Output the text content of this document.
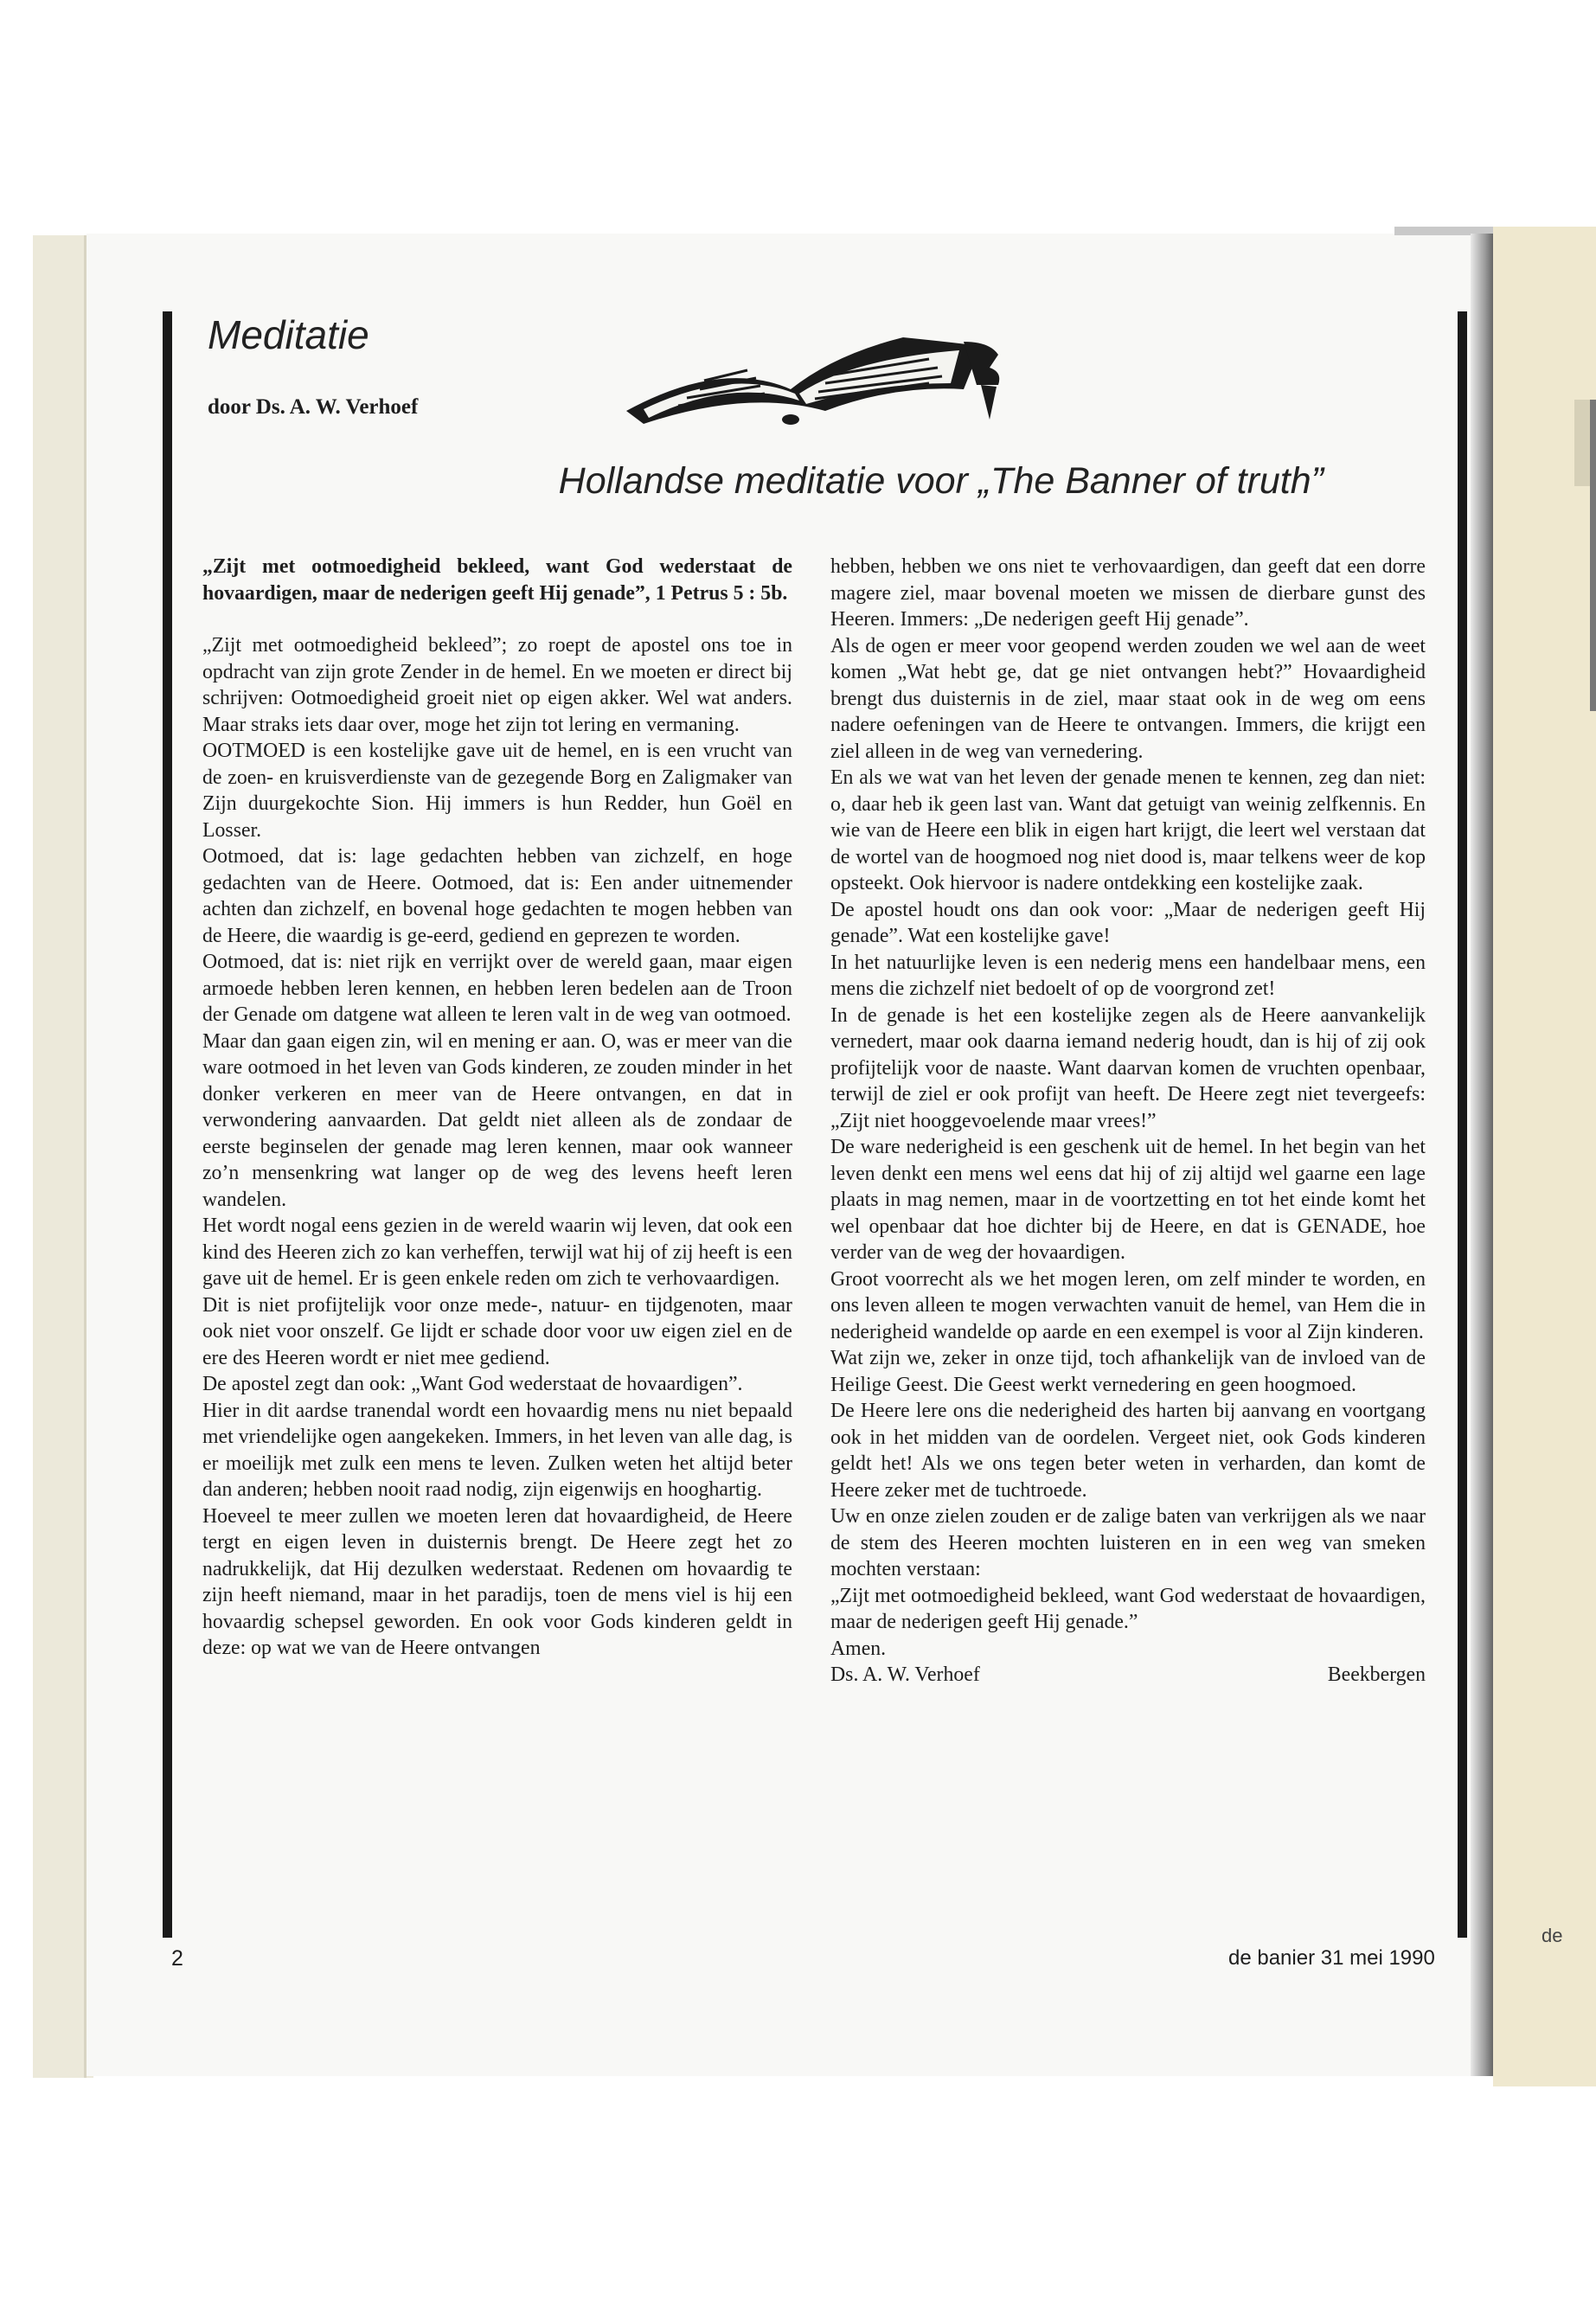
Meditatie
door Ds. A. W. Verhoef
Hollandse meditatie voor „The Banner of truth”

„Zijt met ootmoedigheid bekleed, want God wederstaat de hovaardigen, maar de nederigen geeft Hij genade”, 1 Petrus 5 : 5b.

„Zijt met ootmoedigheid bekleed”; zo roept de apostel ons toe in opdracht van zijn grote Zender in de hemel. En we moeten er direct bij schrijven: Ootmoedigheid groeit niet op eigen akker. Wel wat anders. Maar straks iets daar over, moge het zijn tot lering en vermaning.

OOTMOED is een kostelijke gave uit de hemel, en is een vrucht van de zoen- en kruisverdienste van de gezegende Borg en Zaligmaker van Zijn duurgekochte Sion. Hij immers is hun Redder, hun Goël en Losser.

Ootmoed, dat is: lage gedachten hebben van zichzelf, en hoge gedachten van de Heere. Ootmoed, dat is: Een ander uitnemender achten dan zichzelf, en bovenal hoge gedachten te mogen hebben van de Heere, die waardig is ge-eerd, gediend en geprezen te worden.

Ootmoed, dat is: niet rijk en verrijkt over de wereld gaan, maar eigen armoede hebben leren kennen, en hebben leren bedelen aan de Troon der Genade om datgene wat alleen te leren valt in de weg van ootmoed.

Maar dan gaan eigen zin, wil en mening er aan. O, was er meer van die ware ootmoed in het leven van Gods kinderen, ze zouden minder in het donker verkeren en meer van de Heere ontvangen, en dat in verwondering aanvaarden. Dat geldt niet alleen als de zondaar de eerste beginselen der genade mag leren kennen, maar ook wanneer zo’n mensenkring wat langer op de weg des levens heeft leren wandelen.

Het wordt nogal eens gezien in de wereld waarin wij leven, dat ook een kind des Heeren zich zo kan verheffen, terwijl wat hij of zij heeft is een gave uit de hemel. Er is geen enkele reden om zich te verhovaardigen.

Dit is niet profijtelijk voor onze mede-, natuur- en tijdgenoten, maar ook niet voor onszelf. Ge lijdt er schade door voor uw eigen ziel en de ere des Heeren wordt er niet mee gediend.

De apostel zegt dan ook: „Want God wederstaat de hovaardigen”.

Hier in dit aardse tranendal wordt een hovaardig mens nu niet bepaald met vriendelijke ogen aangekeken. Immers, in het leven van alle dag, is er moeilijk met zulk een mens te leven. Zulken weten het altijd beter dan anderen; hebben nooit raad nodig, zijn eigenwijs en hooghartig.

Hoeveel te meer zullen we moeten leren dat hovaardigheid, de Heere tergt en eigen leven in duisternis brengt. De Heere zegt het zo nadrukkelijk, dat Hij dezulken wederstaat. Redenen om hovaardig te zijn heeft niemand, maar in het paradijs, toen de mens viel is hij een hovaardig schepsel geworden. En ook voor Gods kinderen geldt in deze: op wat we van de Heere ontvangen

hebben, hebben we ons niet te verhovaardigen, dan geeft dat een dorre magere ziel, maar bovenal moeten we missen de dierbare gunst des Heeren. Immers: „De nederigen geeft Hij genade”.

Als de ogen er meer voor geopend werden zouden we wel aan de weet komen „Wat hebt ge, dat ge niet ontvangen hebt?” Hovaardigheid brengt dus duisternis in de ziel, maar staat ook in de weg om eens nadere oefeningen van de Heere te ontvangen. Immers, die krijgt een ziel alleen in de weg van vernedering.

En als we wat van het leven der genade menen te kennen, zeg dan niet: o, daar heb ik geen last van. Want dat getuigt van weinig zelfkennis. En wie van de Heere een blik in eigen hart krijgt, die leert wel verstaan dat de wortel van de hoogmoed nog niet dood is, maar telkens weer de kop opsteekt. Ook hiervoor is nadere ontdekking een kostelijke zaak.

De apostel houdt ons dan ook voor: „Maar de nederigen geeft Hij genade”. Wat een kostelijke gave!

In het natuurlijke leven is een nederig mens een handelbaar mens, een mens die zichzelf niet bedoelt of op de voorgrond zet!

In de genade is het een kostelijke zegen als de Heere aanvankelijk vernedert, maar ook daarna iemand nederig houdt, dan is hij of zij ook profijtelijk voor de naaste. Want daarvan komen de vruchten openbaar, terwijl de ziel er ook profijt van heeft. De Heere zegt niet tevergeefs: „Zijt niet hooggevoelende maar vrees!”

De ware nederigheid is een geschenk uit de hemel. In het begin van het leven denkt een mens wel eens dat hij of zij altijd wel gaarne een lage plaats in mag nemen, maar in de voortzetting en tot het einde komt het wel openbaar dat hoe dichter bij de Heere, en dat is GENADE, hoe verder van de weg der hovaardigen.

Groot voorrecht als we het mogen leren, om zelf minder te worden, en ons leven alleen te mogen verwachten vanuit de hemel, van Hem die in nederigheid wandelde op aarde en een exempel is voor al Zijn kinderen.

Wat zijn we, zeker in onze tijd, toch afhankelijk van de invloed van de Heilige Geest. Die Geest werkt vernedering en geen hoogmoed.

De Heere lere ons die nederigheid des harten bij aanvang en voortgang ook in het midden van de oordelen. Vergeet niet, ook Gods kinderen geldt het! Als we ons tegen beter weten in verharden, dan komt de Heere zeker met de tuchtroede.

Uw en onze zielen zouden er de zalige baten van verkrijgen als we naar de stem des Heeren mochten luisteren en in een weg van smeken mochten verstaan:

„Zijt met ootmoedigheid bekleed, want God wederstaat de hovaardigen, maar de nederigen geeft Hij genade.”

Amen.

Ds. A. W. Verhoef	Beekbergen

2	de banier 31 mei 1990
de
